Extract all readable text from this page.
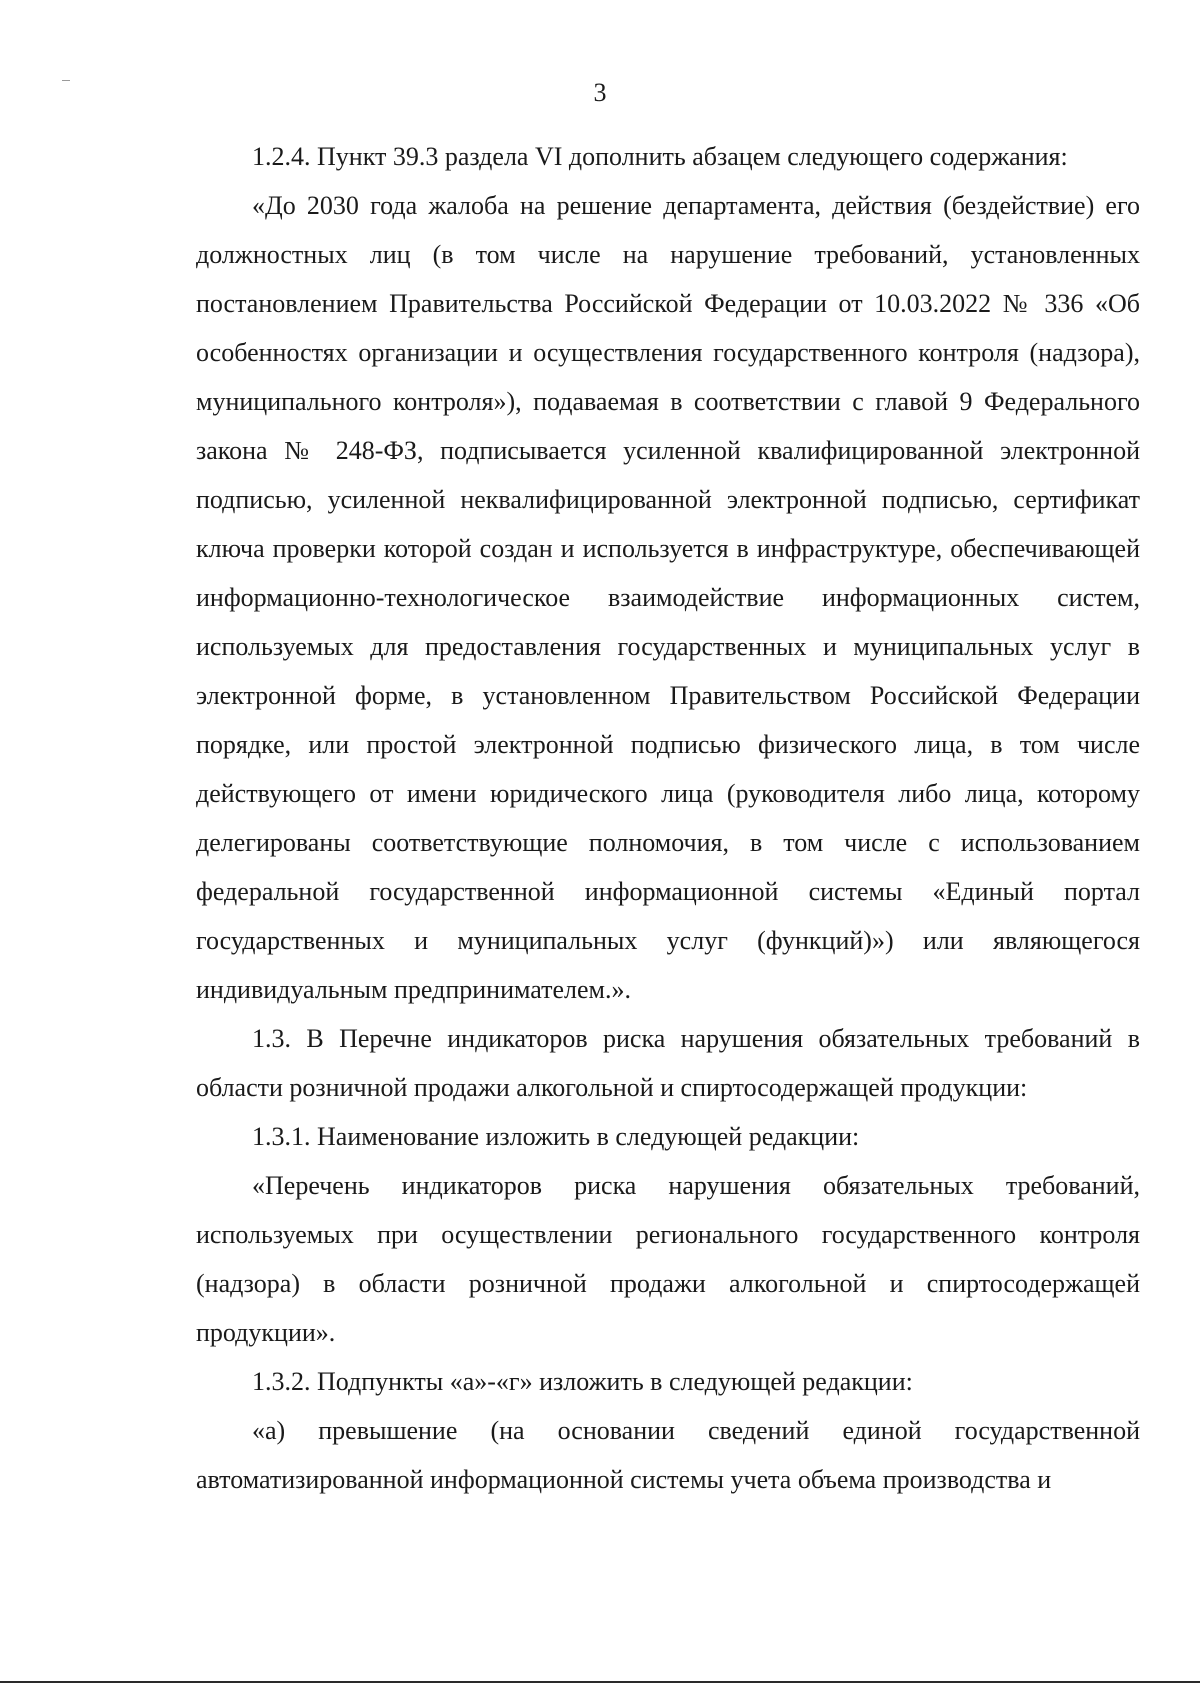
3

1.2.4. Пункт 39.3 раздела VI дополнить абзацем следующего содержания:

«До 2030 года жалоба на решение департамента, действия (бездействие) его должностных лиц (в том числе на нарушение требований, установленных постановлением Правительства Российской Федерации от 10.03.2022 № 336 «Об особенностях организации и осуществления государственного контроля (надзора), муниципального контроля»), подаваемая в соответствии с главой 9 Федерального закона № 248-ФЗ, подписывается усиленной квалифицированной электронной подписью, усиленной неквалифицированной электронной подписью, сертификат ключа проверки которой создан и используется в инфраструктуре, обеспечивающей информационно-технологическое взаимодействие информационных систем, используемых для предоставления государственных и муниципальных услуг в электронной форме, в установленном Правительством Российской Федерации порядке, или простой электронной подписью физического лица, в том числе действующего от имени юридического лица (руководителя либо лица, которому делегированы соответствующие полномочия, в том числе с использованием федеральной государственной информационной системы «Единый портал государственных и муниципальных услуг (функций)») или являющегося индивидуальным предпринимателем.».

1.3. В Перечне индикаторов риска нарушения обязательных требований в области розничной продажи алкогольной и спиртосодержащей продукции:

1.3.1. Наименование изложить в следующей редакции:

«Перечень индикаторов риска нарушения обязательных требований, используемых при осуществлении регионального государственного контроля (надзора) в области розничной продажи алкогольной и спиртосодержащей продукции».

1.3.2. Подпункты «а»-«г» изложить в следующей редакции:

«а) превышение (на основании сведений единой государственной автоматизированной информационной системы учета объема производства и
